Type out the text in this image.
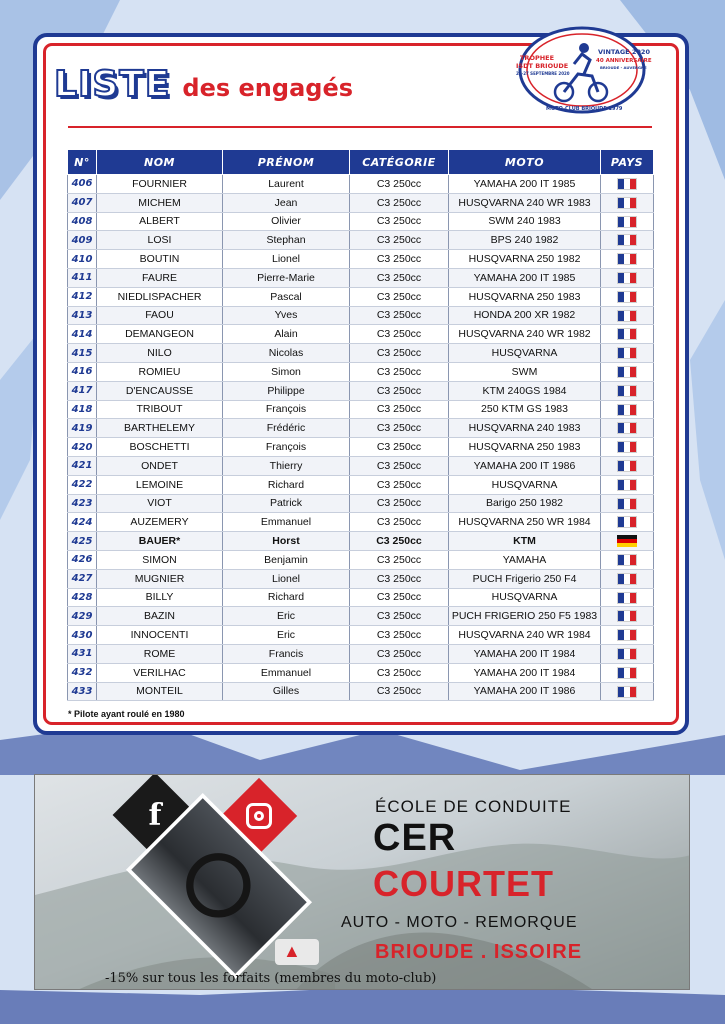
LISTE des engagés
TROPHEE
ISDT BRIOUDE
26-27 SEPTEMBRE 2020
VINTAGE 2020
40 ANNIVERSAIRE
BRIOUDE - AUVERGNE
MOTO-CLUB BRIOUDE 1979
N°	NOM	PRÉNOM	CATÉGORIE	MOTO	PAYS
406	FOURNIER	Laurent	C3 250cc	YAMAHA 200 IT 1985	
407	MICHEM	Jean	C3 250cc	HUSQVARNA 240 WR 1983	
408	ALBERT	Olivier	C3 250cc	SWM 240 1983	
409	LOSI	Stephan	C3 250cc	BPS 240 1982	
410	BOUTIN	Lionel	C3 250cc	HUSQVARNA 250 1982	
411	FAURE	Pierre-Marie	C3 250cc	YAMAHA 200 IT 1985	
412	NIEDLISPACHER	Pascal	C3 250cc	HUSQVARNA 250 1983	
413	FAOU	Yves	C3 250cc	HONDA 200 XR 1982	
414	DEMANGEON	Alain	C3 250cc	HUSQVARNA 240 WR 1982	
415	NILO	Nicolas	C3 250cc	HUSQVARNA	
416	ROMIEU	Simon	C3 250cc	SWM	
417	D'ENCAUSSE	Philippe	C3 250cc	KTM 240GS 1984	
418	TRIBOUT	François	C3 250cc	250 KTM GS 1983	
419	BARTHELEMY	Frédéric	C3 250cc	HUSQVARNA 240 1983	
420	BOSCHETTI	François	C3 250cc	HUSQVARNA 250 1983	
421	ONDET	Thierry	C3 250cc	YAMAHA 200 IT 1986	
422	LEMOINE	Richard	C3 250cc	HUSQVARNA	
423	VIOT	Patrick	C3 250cc	Barigo 250 1982	
424	AUZEMERY	Emmanuel	C3 250cc	HUSQVARNA 250 WR 1984	
425	BAUER*	Horst	C3 250cc	KTM	
426	SIMON	Benjamin	C3 250cc	YAMAHA	
427	MUGNIER	Lionel	C3 250cc	PUCH Frigerio 250 F4	
428	BILLY	Richard	C3 250cc	HUSQVARNA	
429	BAZIN	Eric	C3 250cc	PUCH FRIGERIO 250 F5 1983	
430	INNOCENTI	Eric	C3 250cc	HUSQVARNA 240 WR 1984	
431	ROME	Francis	C3 250cc	YAMAHA 200 IT 1984	
432	VERILHAC	Emmanuel	C3 250cc	YAMAHA 200 IT 1984	
433	MONTEIL	Gilles	C3 250cc	YAMAHA 200 IT 1986	
* Pilote ayant roulé en 1980
f
▲
ÉCOLE DE CONDUITE
CER
COURTET
AUTO - MOTO - REMORQUE
BRIOUDE . ISSOIRE
-15% sur tous les forfaits (membres du moto-club)
